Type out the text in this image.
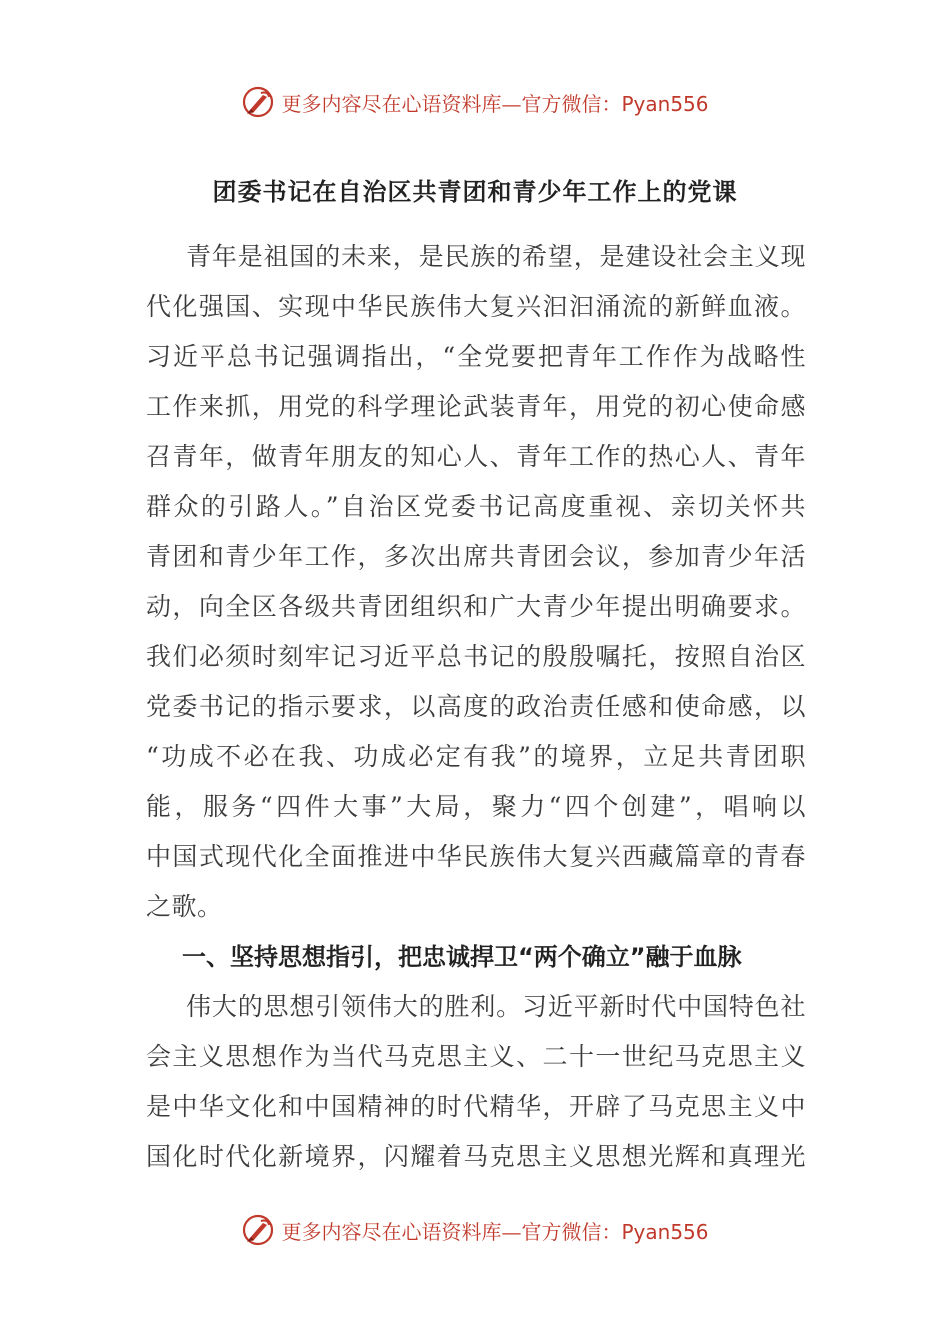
更多内容尽在心语资料库—官方微信：Pyan556
团委书记在自治区共青团和青少年工作上的党课
青年是祖国的未来，是民族的希望，是建设社会主义现
代化强国、实现中华民族伟大复兴汩汩涌流的新鲜血液。
习近平总书记强调指出，“全党要把青年工作作为战略性
工作来抓，用党的科学理论武装青年，用党的初心使命感
召青年，做青年朋友的知心人、青年工作的热心人、青年
群众的引路人。”自治区党委书记高度重视、亲切关怀共
青团和青少年工作，多次出席共青团会议，参加青少年活
动，向全区各级共青团组织和广大青少年提出明确要求。
我们必须时刻牢记习近平总书记的殷殷嘱托，按照自治区
党委书记的指示要求，以高度的政治责任感和使命感，以
“功成不必在我、功成必定有我”的境界，立足共青团职
能，服务“四件大事”大局，聚力“四个创建”，唱响以
中国式现代化全面推进中华民族伟大复兴西藏篇章的青春
之歌。
一、坚持思想指引，把忠诚捍卫“两个确立”融于血脉
伟大的思想引领伟大的胜利。习近平新时代中国特色社
会主义思想作为当代马克思主义、二十一世纪马克思主义
是中华文化和中国精神的时代精华，开辟了马克思主义中
国化时代化新境界，闪耀着马克思主义思想光辉和真理光
更多内容尽在心语资料库—官方微信：Pyan556
